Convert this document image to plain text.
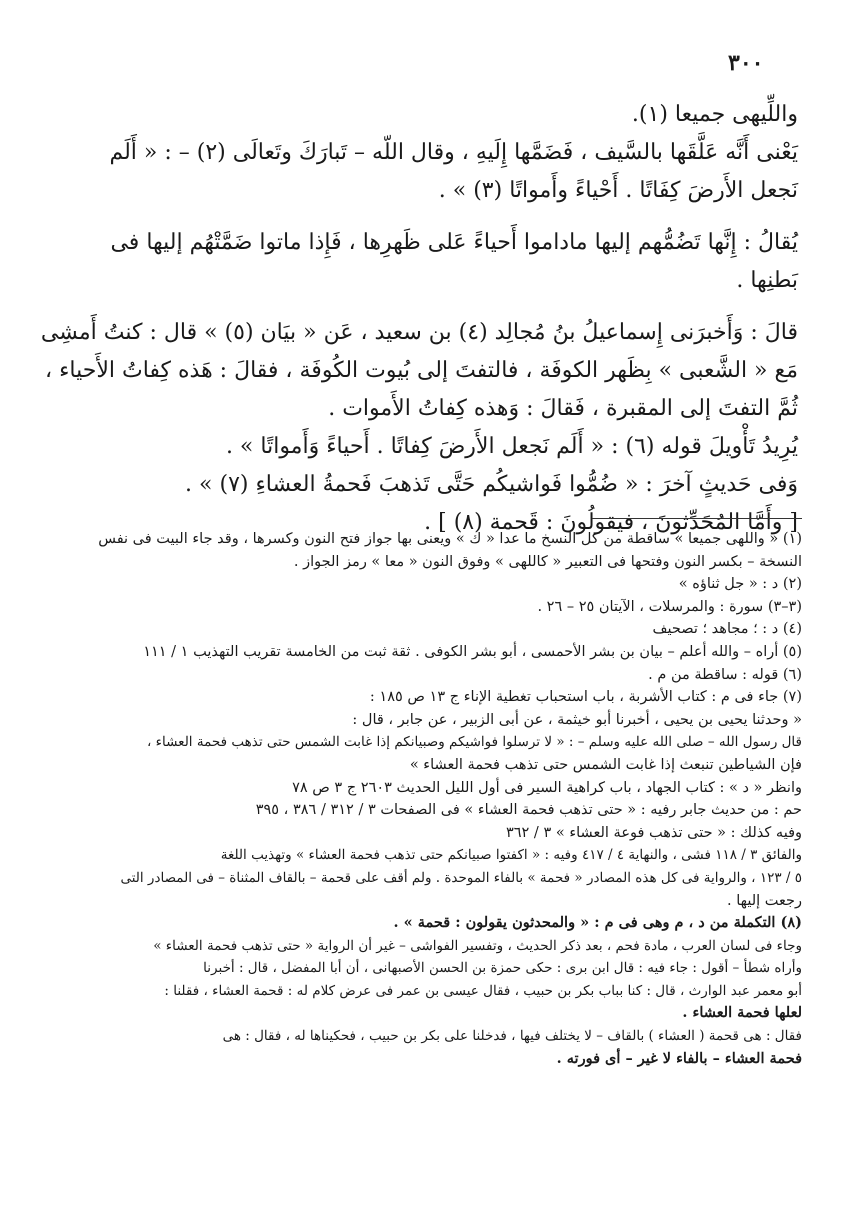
٣٠٠

واللِّيهى جميعا (١).

يَعْنى أَنَّه عَلَّقَها بالسَّيف ، فَضَمَّها إِلَيهِ ، وقال اللّه – تَبارَكَ وتَعالَى (٢) – : « أَلَم

نَجعل الأَرضَ كِفَاتًا . أَحْياءً وأَمواتًا (٣) » .

يُقالُ : إِنَّها تَضُمُّهم إليها ماداموا أَحياءً عَلى ظَهرِها ، فَإِذا ماتوا ضَمَّتْهُم إليها فى

بَطنِها .

قالَ : وَأَخبرَنى إِسماعيلُ بنُ مُجالِد (٤) بن سعيد ، عَن « بيَان (٥) » قال : كنتُ أَمشِى

مَع « الشَّعبى » بِظَهر الكوفَة ، فالتفتَ إلى بُيوت الكُوفَة ، فقالَ : هَذه كِفاتُ الأَحياء ،

ثُمَّ التفتَ إلى المقبرة ، فَقالَ : وَهذه كِفاتُ الأَموات .

يُرِيدُ تَأْويلَ قوله (٦) : « أَلَم نَجعل الأَرضَ كِفاتًا . أَحياءً وَأَمواتًا » .

وَفى حَديثٍ آخرَ : « ضُمُّوا فَواشيكُم حَتَّى تَذهبَ فَحمةُ العشاءِ (٧) » .

[ وأَمَّا المُحَدِّثونَ ، فيقولُونَ : قَحمة (٨) ] .

(١) « واللهى جميعا » ساقطة من كل النسخ ما عدا « ك » ويعنى بها جواز فتح النون وكسرها ، وقد جاء البيت فى نفس

النسخة – بكسر النون وفتحها فى التعبير « كاللهى » وفوق النون « معا » رمز الجواز .

(٢) د : « جل ثناؤه »

(٣–٣) سورة : والمرسلات ، الآيتان ٢٥ – ٢٦ .

(٤) د : ؛ مجاهد ؛ تصحيف

(٥) أراه – والله أعلم – بيان بن بشر الأحمسى ، أبو بشر الكوفى . ثقة ثبت من الخامسة تقريب التهذيب ١ / ١١١

(٦) قوله : ساقطة من م .

(٧) جاء فى م : كتاب الأشربة ، باب استحباب تغطية الإناء ج ١٣ ص ١٨٥ :

« وحدثنا يحيى بن يحيى ، أخبرنا أبو خيثمة ، عن أبى الزبير ، عن جابر ، قال :

قال رسول الله – صلى الله عليه وسلم – : « لا ترسلوا فواشيكم وصبيانكم إذا غابت الشمس حتى تذهب فحمة العشاء ،

فإن الشياطين تنبعث إذا غابت الشمس حتى تذهب فحمة العشاء »

وانظر « د » : كتاب الجهاد ، باب كراهية السير فى أول الليل الحديث ٢٦٠٣ ج ٣ ص ٧٨

حم : من حديث جابر رفيه : « حتى تذهب فحمة العشاء » فى الصفحات ٣ / ٣١٢ / ٣٨٦ ، ٣٩٥

وفيه كذلك : « حتى تذهب فوعة العشاء » ٣ / ٣٦٢

والفائق ٣ / ١١٨ فشى ، والنهاية ٤ / ٤١٧ وفيه : « اكفتوا صبيانكم حتى تذهب فحمة العشاء » وتهذيب اللغة

٥ / ١٢٣ ، والرواية فى كل هذه المصادر « فحمة » بالفاء الموحدة . ولم أقف على قحمة – بالقاف المثناة – فى المصادر التى

رجعت إليها .

(٨) التكملة من د ، م وهى فى م : « والمحدثون يقولون : قحمة » .

وجاء فى لسان العرب ، مادة فحم ، بعد ذكر الحديث ، وتفسير الفواشى – غير أن الرواية « حتى تذهب فحمة العشاء »

وأراه شطأ – أقول : جاء فيه : قال ابن برى : حكى حمزة بن الحسن الأصبهانى ، أن أبا المفضل ، قال : أخبرنا

أبو معمر عبد الوارث ، قال : كنا بباب بكر بن حبيب ، فقال عيسى بن عمر فى عرض كلام له : قحمة العشاء ، فقلنا :

لعلها فحمة العشاء .

فقال : هى قحمة ( العشاء ) بالقاف – لا يختلف فيها ، فدخلنا على بكر بن حبيب ، فحكيناها له ، فقال : هى

فحمة العشاء – بالفاء لا غير – أى فورته .
